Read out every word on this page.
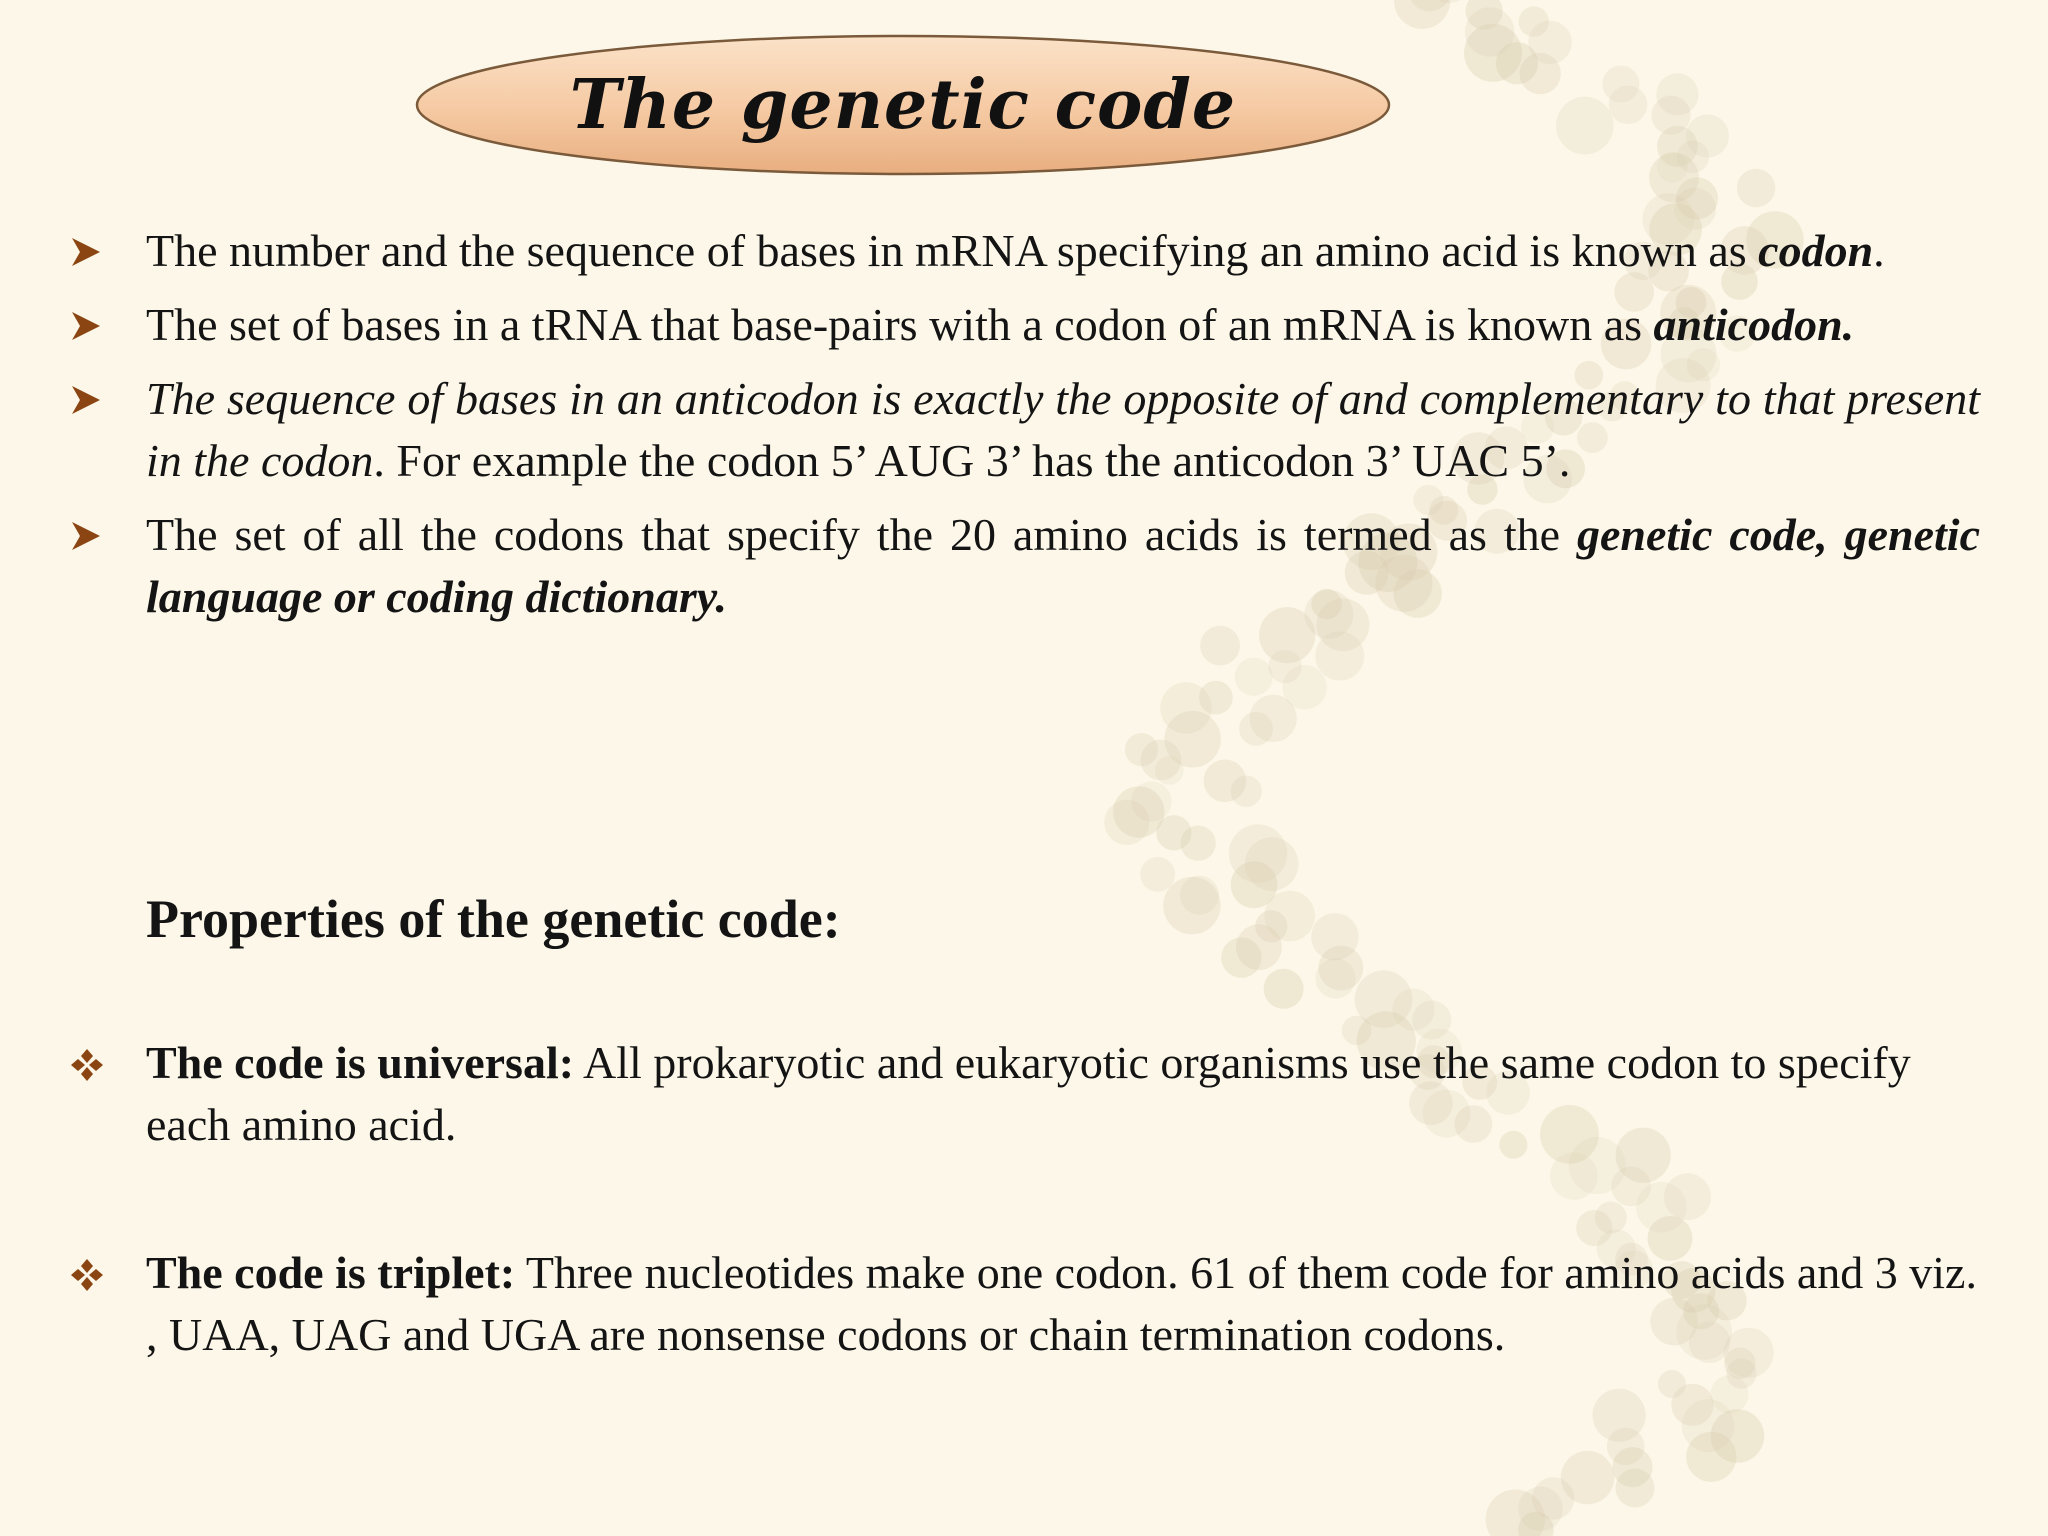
The genetic code
The number and the sequence of bases in mRNA specifying an amino acid is known as codon.
The set of bases in a tRNA that base-pairs with a codon of an mRNA is known as anticodon.
The sequence of bases in an anticodon is exactly the opposite of and complementary to that present in the codon. For example the codon 5’ AUG 3’ has the anticodon 3’ UAC 5’.
The set of all the codons that specify the 20 amino acids is termed as the genetic code, genetic language or coding dictionary.
Properties of the genetic code:
The code is universal: All prokaryotic and eukaryotic organisms use the same codon to specify each amino acid.
The code is triplet: Three nucleotides make one codon. 61 of them code for amino acids and 3 viz. , UAA, UAG and UGA are nonsense codons or chain termination codons.
